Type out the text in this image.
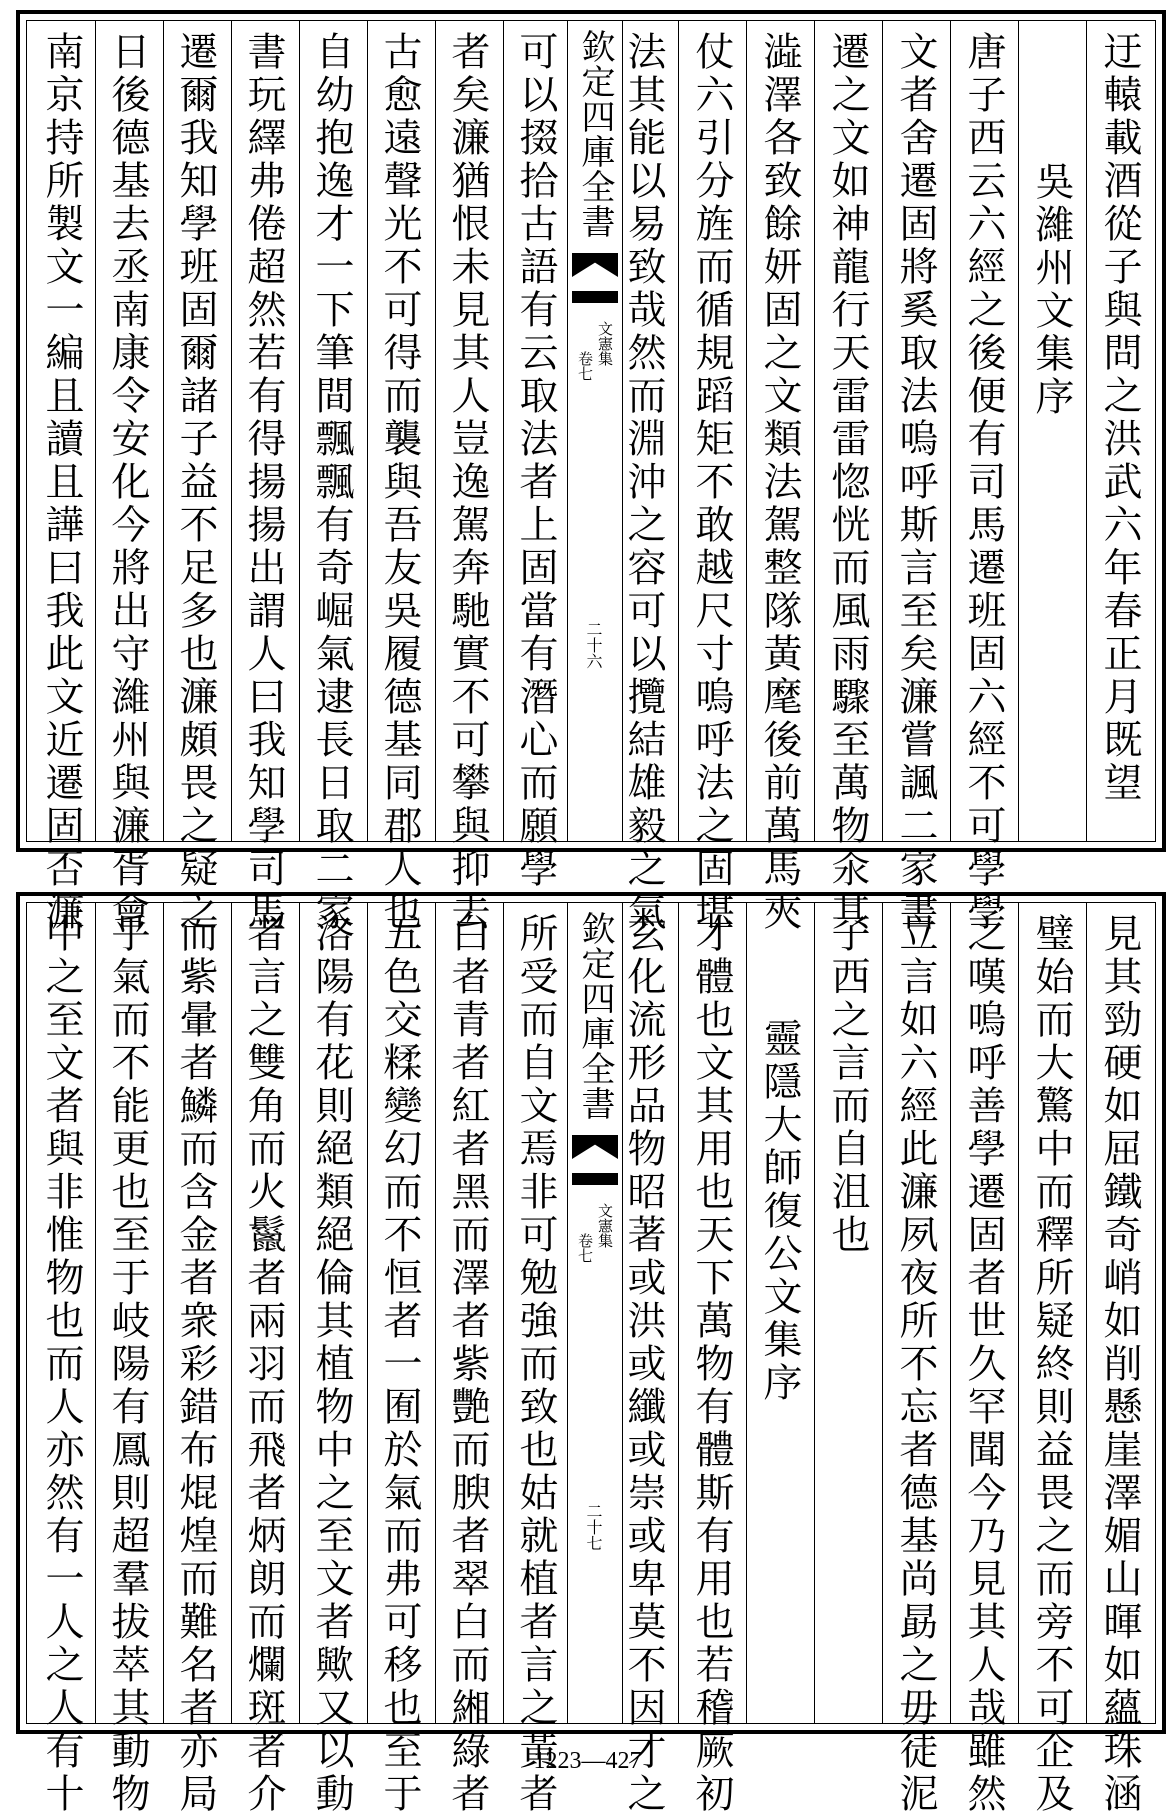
迂轅載酒從子與問之洪武六年春正月既望
吳濰州文集序
唐子西云六經之後便有司馬遷班固六經不可學學
文者舍遷固將奚取法嗚呼斯言至矣濂嘗諷二家書
遷之文如神龍行天雷雷惚恍而風雨驟至萬物汆其
澁澤各致餘妍固之文類法駕整隊黃麾後前萬馬夾
仗六引分旌而循規蹈矩不敢越尺寸嗚呼法之固堪
法其能以易致哉然而淵沖之容可以攬結雄毅之氣
欽定四庫全書
文憲集
卷七
二十六
可以掇拾古語有云取法者上固當有潛心而願學
者矣濂猶恨未見其人豈逸駕奔馳實不可攀與抑去
古愈遠聲光不可得而襲與吾友吳履德基同郡人也
自幼抱逸才一下筆間飄飄有奇崛氣逮長日取二家
書玩繹弗倦超然若有得揚揚出謂人曰我知學司馬
遷爾我知學班固爾諸子益不足多也濂頗畏之疑之
日後德基去丞南康令安化今將出守濰州與濂胥會
南京持所製文一編且讀且譁曰我此文近遷固否濂
見其勁硬如屈鐵奇峭如削懸崖澤媚山暉如蘊珠涵
璧始而大驚中而釋所疑終則益畏之而旁不可企及
之嘆嗚呼善學遷固者世久罕聞今乃見其人哉雖然
立言如六經此濂夙夜所不忘者德基尚勗之毋徒泥
子西之言而自沮也
靈隱大師復公文集序
才體也文其用也天下萬物有體斯有用也若稽厥初
玄化流形品物昭著或洪或纖或崇或卑莫不因才之
欽定四庫全書
文憲集
卷七
二十七
所受而自文焉非可勉強而致也姑就植者言之黃者
白者青者紅者黑而澤者紫艷而腴者翠白而緗綠者
五色交糅變幻而不恒者一囿於氣而弗可移也至于
洛陽有花則絕類絕倫其植物中之至文者歟又以動
者言之雙角而火鬣者兩羽而飛者炳朗而爛斑者介
而紫暈者鱗而含金者衆彩錯布焜煌而難名者亦局
乎氣而不能更也至于岐陽有鳳則超羣拔萃其動物
中之至文者與非惟物也而人亦然有一人之人有十	1223—427
